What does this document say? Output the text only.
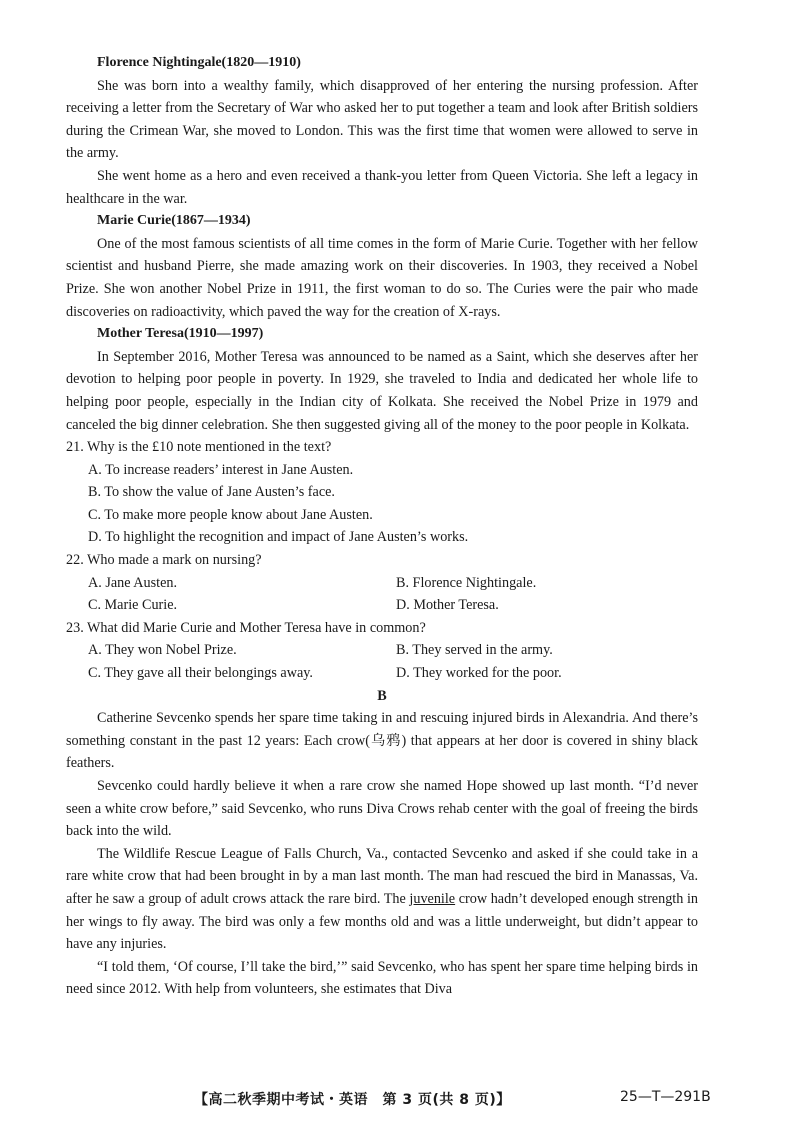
Florence Nightingale(1820—1910)

She was born into a wealthy family, which disapproved of her entering the nursing profession. After receiving a letter from the Secretary of War who asked her to put together a team and look after British soldiers during the Crimean War, she moved to London. This was the first time that women were allowed to serve in the army.

She went home as a hero and even received a thank-you letter from Queen Victoria. She left a legacy in healthcare in the war.

Marie Curie(1867—1934)

One of the most famous scientists of all time comes in the form of Marie Curie. Together with her fellow scientist and husband Pierre, she made amazing work on their discoveries. In 1903, they received a Nobel Prize. She won another Nobel Prize in 1911, the first woman to do so. The Curies were the pair who made discoveries on radioactivity, which paved the way for the creation of X-rays.

Mother Teresa(1910—1997)

In September 2016, Mother Teresa was announced to be named as a Saint, which she deserves after her devotion to helping poor people in poverty. In 1929, she traveled to India and dedicated her whole life to helping poor people, especially in the Indian city of Kolkata. She received the Nobel Prize in 1979 and canceled the big dinner celebration. She then suggested giving all of the money to the poor people in Kolkata.

21. Why is the £10 note mentioned in the text?

A. To increase readers’ interest in Jane Austen.

B. To show the value of Jane Austen’s face.

C. To make more people know about Jane Austen.

D. To highlight the recognition and impact of Jane Austen’s works.

22. Who made a mark on nursing?

A. Jane Austen.	B. Florence Nightingale.
C. Marie Curie.	D. Mother Teresa.

23. What did Marie Curie and Mother Teresa have in common?

A. They won Nobel Prize.	B. They served in the army.
C. They gave all their belongings away.	D. They worked for the poor.

B

Catherine Sevcenko spends her spare time taking in and rescuing injured birds in Alexandria. And there’s something constant in the past 12 years: Each crow(乌鸦) that appears at her door is covered in shiny black feathers.

Sevcenko could hardly believe it when a rare crow she named Hope showed up last month. “I’d never seen a white crow before,” said Sevcenko, who runs Diva Crows rehab center with the goal of freeing the birds back into the wild.

The Wildlife Rescue League of Falls Church, Va., contacted Sevcenko and asked if she could take in a rare white crow that had been brought in by a man last month. The man had rescued the bird in Manassas, Va. after he saw a group of adult crows attack the rare bird. The juvenile crow hadn’t developed enough strength in her wings to fly away. The bird was only a few months old and was a little underweight, but didn’t appear to have any injuries.

“I told them, ‘Of course, I’ll take the bird,’” said Sevcenko, who has spent her spare time helping birds in need since 2012. With help from volunteers, she estimates that Diva

【高二秋季期中考试・英语　第 3 页(共 8 页)】	25—T—291B
